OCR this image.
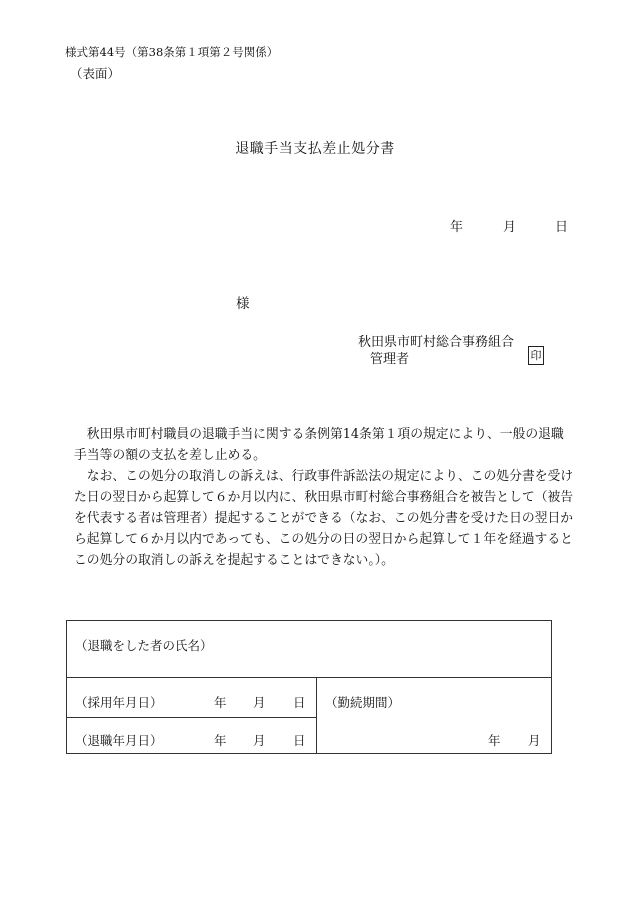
様式第44号（第38条第１項第２号関係）
（表面）
退職手当支払差止処分書
年	月	日
様
秋田県市町村総合事務組合
管理者	印

秋田県市町村職員の退職手当に関する条例第14条第１項の規定により、一般の退職手当等の額の支払を差し止める。

なお、この処分の取消しの訴えは、行政事件訴訟法の規定により、この処分書を受けた日の翌日から起算して６か月以内に、秋田県市町村総合事務組合を被告として（被告を代表する者は管理者）提起することができる（なお、この処分書を受けた日の翌日から起算して６か月以内であっても、この処分の日の翌日から起算して１年を経過するとこの処分の取消しの訴えを提起することはできない。）。

（退職をした者の氏名）
（採用年月日）	年 月 日
（退職年月日）	年 月 日
（勤続期間）
年 月
